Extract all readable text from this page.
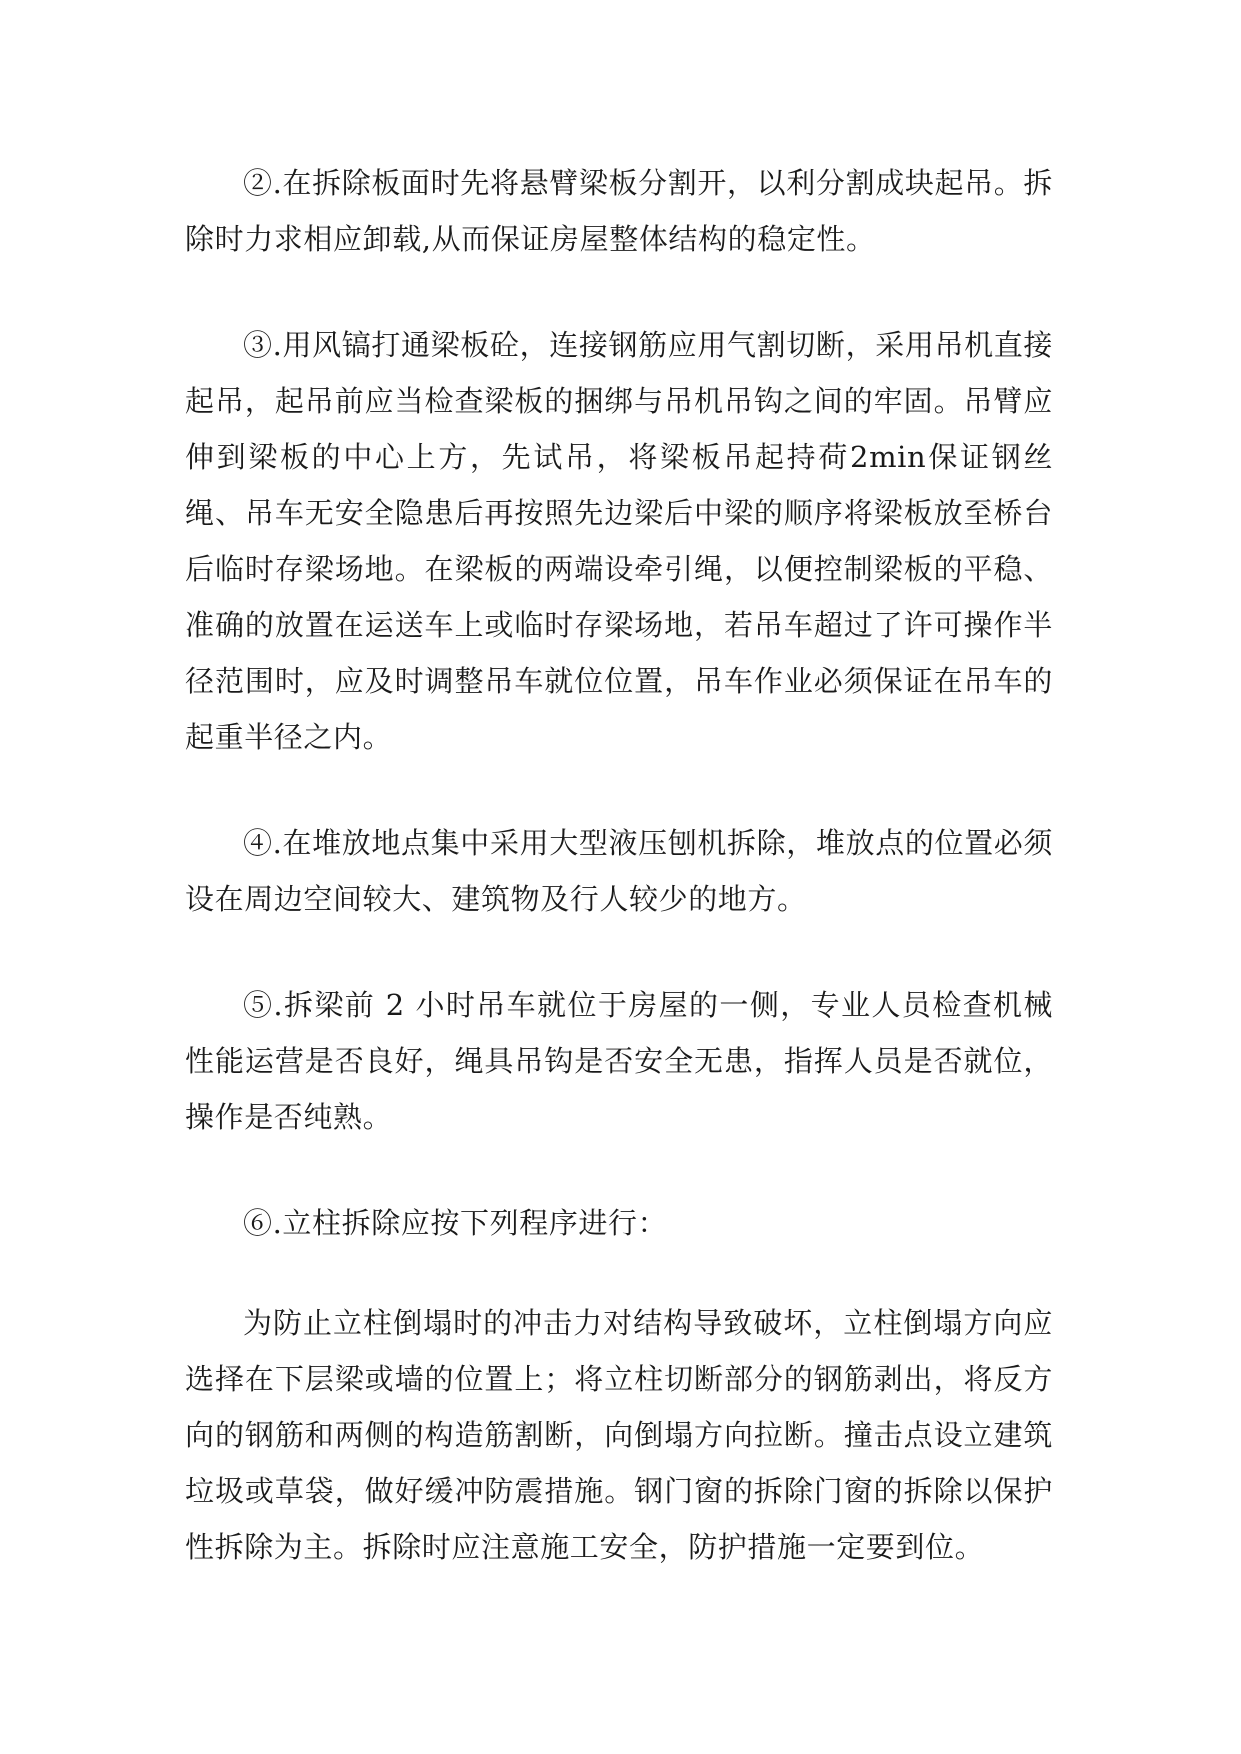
②.在拆除板面时先将悬臂梁板分割开，以利分割成块起吊。拆除时力求相应卸载,从而保证房屋整体结构的稳定性。

③.用风镐打通梁板砼，连接钢筋应用气割切断，采用吊机直接起吊，起吊前应当检查梁板的捆绑与吊机吊钩之间的牢固。吊臂应伸到梁板的中心上方，先试吊，将梁板吊起持荷2min保证钢丝绳、吊车无安全隐患后再按照先边梁后中梁的顺序将梁板放至桥台后临时存梁场地。在梁板的两端设牵引绳，以便控制梁板的平稳、准确的放置在运送车上或临时存梁场地，若吊车超过了许可操作半径范围时，应及时调整吊车就位位置，吊车作业必须保证在吊车的起重半径之内。

④.在堆放地点集中采用大型液压刨机拆除，堆放点的位置必须设在周边空间较大、建筑物及行人较少的地方。

⑤.拆梁前 2 小时吊车就位于房屋的一侧，专业人员检查机械性能运营是否良好，绳具吊钩是否安全无患，指挥人员是否就位，操作是否纯熟。

⑥.立柱拆除应按下列程序进行：

为防止立柱倒塌时的冲击力对结构导致破坏，立柱倒塌方向应选择在下层梁或墙的位置上；将立柱切断部分的钢筋剥出，将反方向的钢筋和两侧的构造筋割断，向倒塌方向拉断。撞击点设立建筑垃圾或草袋，做好缓冲防震措施。钢门窗的拆除门窗的拆除以保护性拆除为主。拆除时应注意施工安全，防护措施一定要到位。
